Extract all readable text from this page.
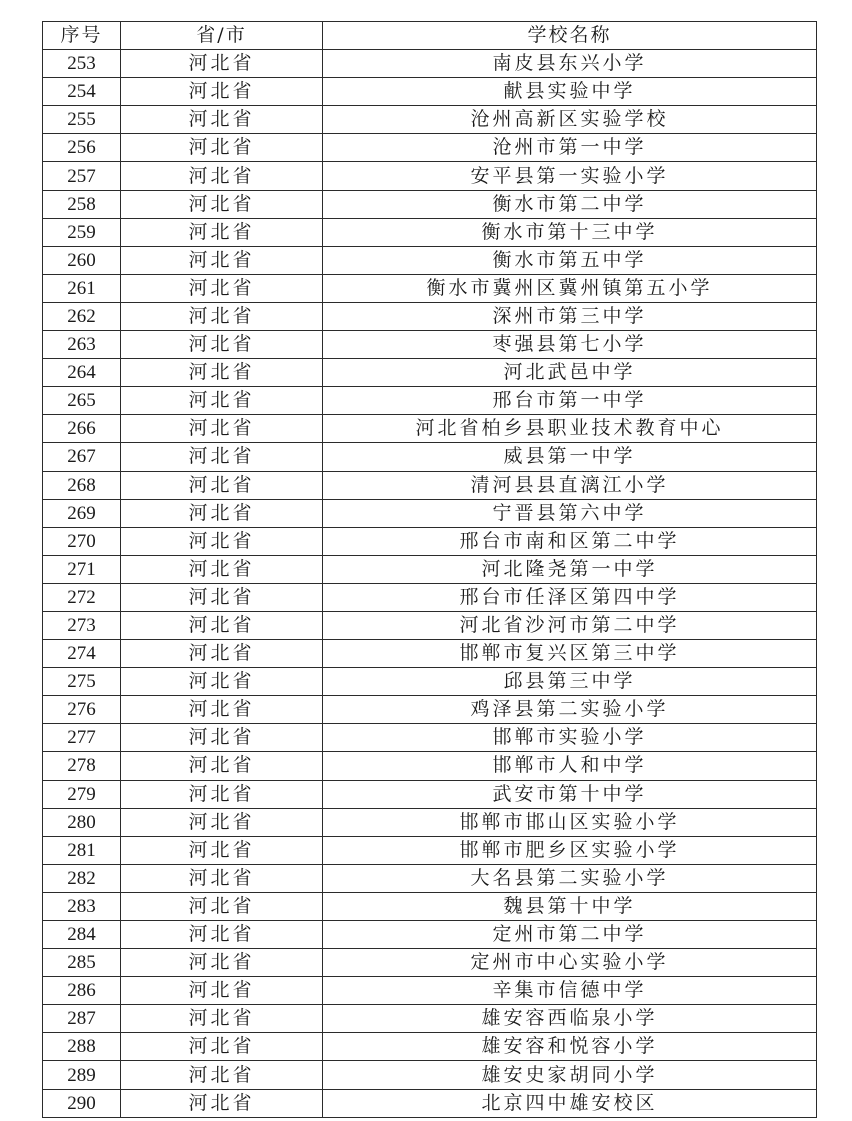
序号	省/市	学校名称
253	河北省	南皮县东兴小学
254	河北省	献县实验中学
255	河北省	沧州高新区实验学校
256	河北省	沧州市第一中学
257	河北省	安平县第一实验小学
258	河北省	衡水市第二中学
259	河北省	衡水市第十三中学
260	河北省	衡水市第五中学
261	河北省	衡水市冀州区冀州镇第五小学
262	河北省	深州市第三中学
263	河北省	枣强县第七小学
264	河北省	河北武邑中学
265	河北省	邢台市第一中学
266	河北省	河北省柏乡县职业技术教育中心
267	河北省	威县第一中学
268	河北省	清河县县直漓江小学
269	河北省	宁晋县第六中学
270	河北省	邢台市南和区第二中学
271	河北省	河北隆尧第一中学
272	河北省	邢台市任泽区第四中学
273	河北省	河北省沙河市第二中学
274	河北省	邯郸市复兴区第三中学
275	河北省	邱县第三中学
276	河北省	鸡泽县第二实验小学
277	河北省	邯郸市实验小学
278	河北省	邯郸市人和中学
279	河北省	武安市第十中学
280	河北省	邯郸市邯山区实验小学
281	河北省	邯郸市肥乡区实验小学
282	河北省	大名县第二实验小学
283	河北省	魏县第十中学
284	河北省	定州市第二中学
285	河北省	定州市中心实验小学
286	河北省	辛集市信德中学
287	河北省	雄安容西临泉小学
288	河北省	雄安容和悦容小学
289	河北省	雄安史家胡同小学
290	河北省	北京四中雄安校区
